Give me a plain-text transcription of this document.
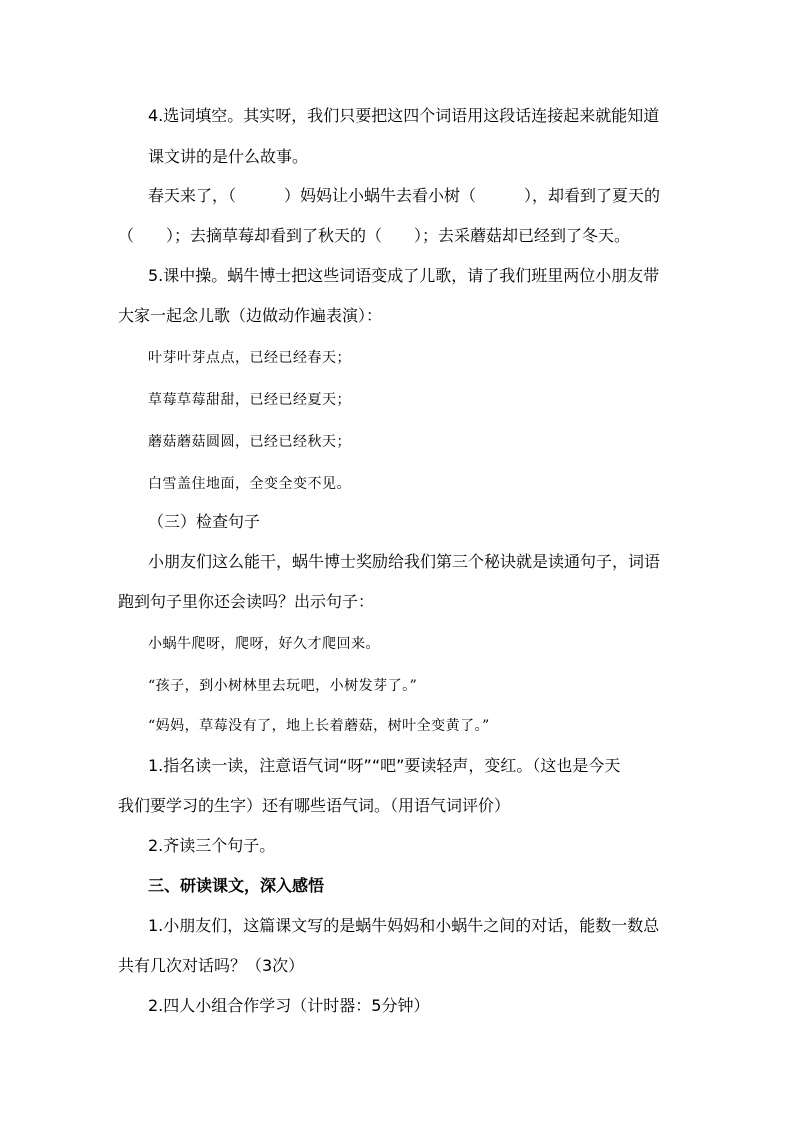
4.选词填空。其实呀，我们只要把这四个词语用这段话连接起来就能知道
课文讲的是什么故事。
春天来了，（　　　）妈妈让小蜗牛去看小树（　　　），却看到了夏天的
（　　）；去摘草莓却看到了秋天的（　　）；去采蘑菇却已经到了冬天。
5.课中操。蜗牛博士把这些词语变成了儿歌，请了我们班里两位小朋友带
大家一起念儿歌（边做动作遍表演）：
叶芽叶芽点点，已经已经春天；
草莓草莓甜甜，已经已经夏天；
蘑菇蘑菇圆圆，已经已经秋天；
白雪盖住地面，全变全变不见。
（三）检查句子
小朋友们这么能干，蜗牛博士奖励给我们第三个秘诀就是读通句子，词语
跑到句子里你还会读吗？出示句子：
小蜗牛爬呀，爬呀，好久才爬回来。
“孩子，到小树林里去玩吧，小树发芽了。”
“妈妈，草莓没有了，地上长着蘑菇，树叶全变黄了。”
1.指名读一读，注意语气词“呀”“吧”要读轻声，变红。（这也是今天
我们要学习的生字）还有哪些语气词。（用语气词评价）
2.齐读三个句子。
三、研读课文，深入感悟
1.小朋友们，这篇课文写的是蜗牛妈妈和小蜗牛之间的对话，能数一数总
共有几次对话吗？（3次）
2.四人小组合作学习（计时器：5分钟）
